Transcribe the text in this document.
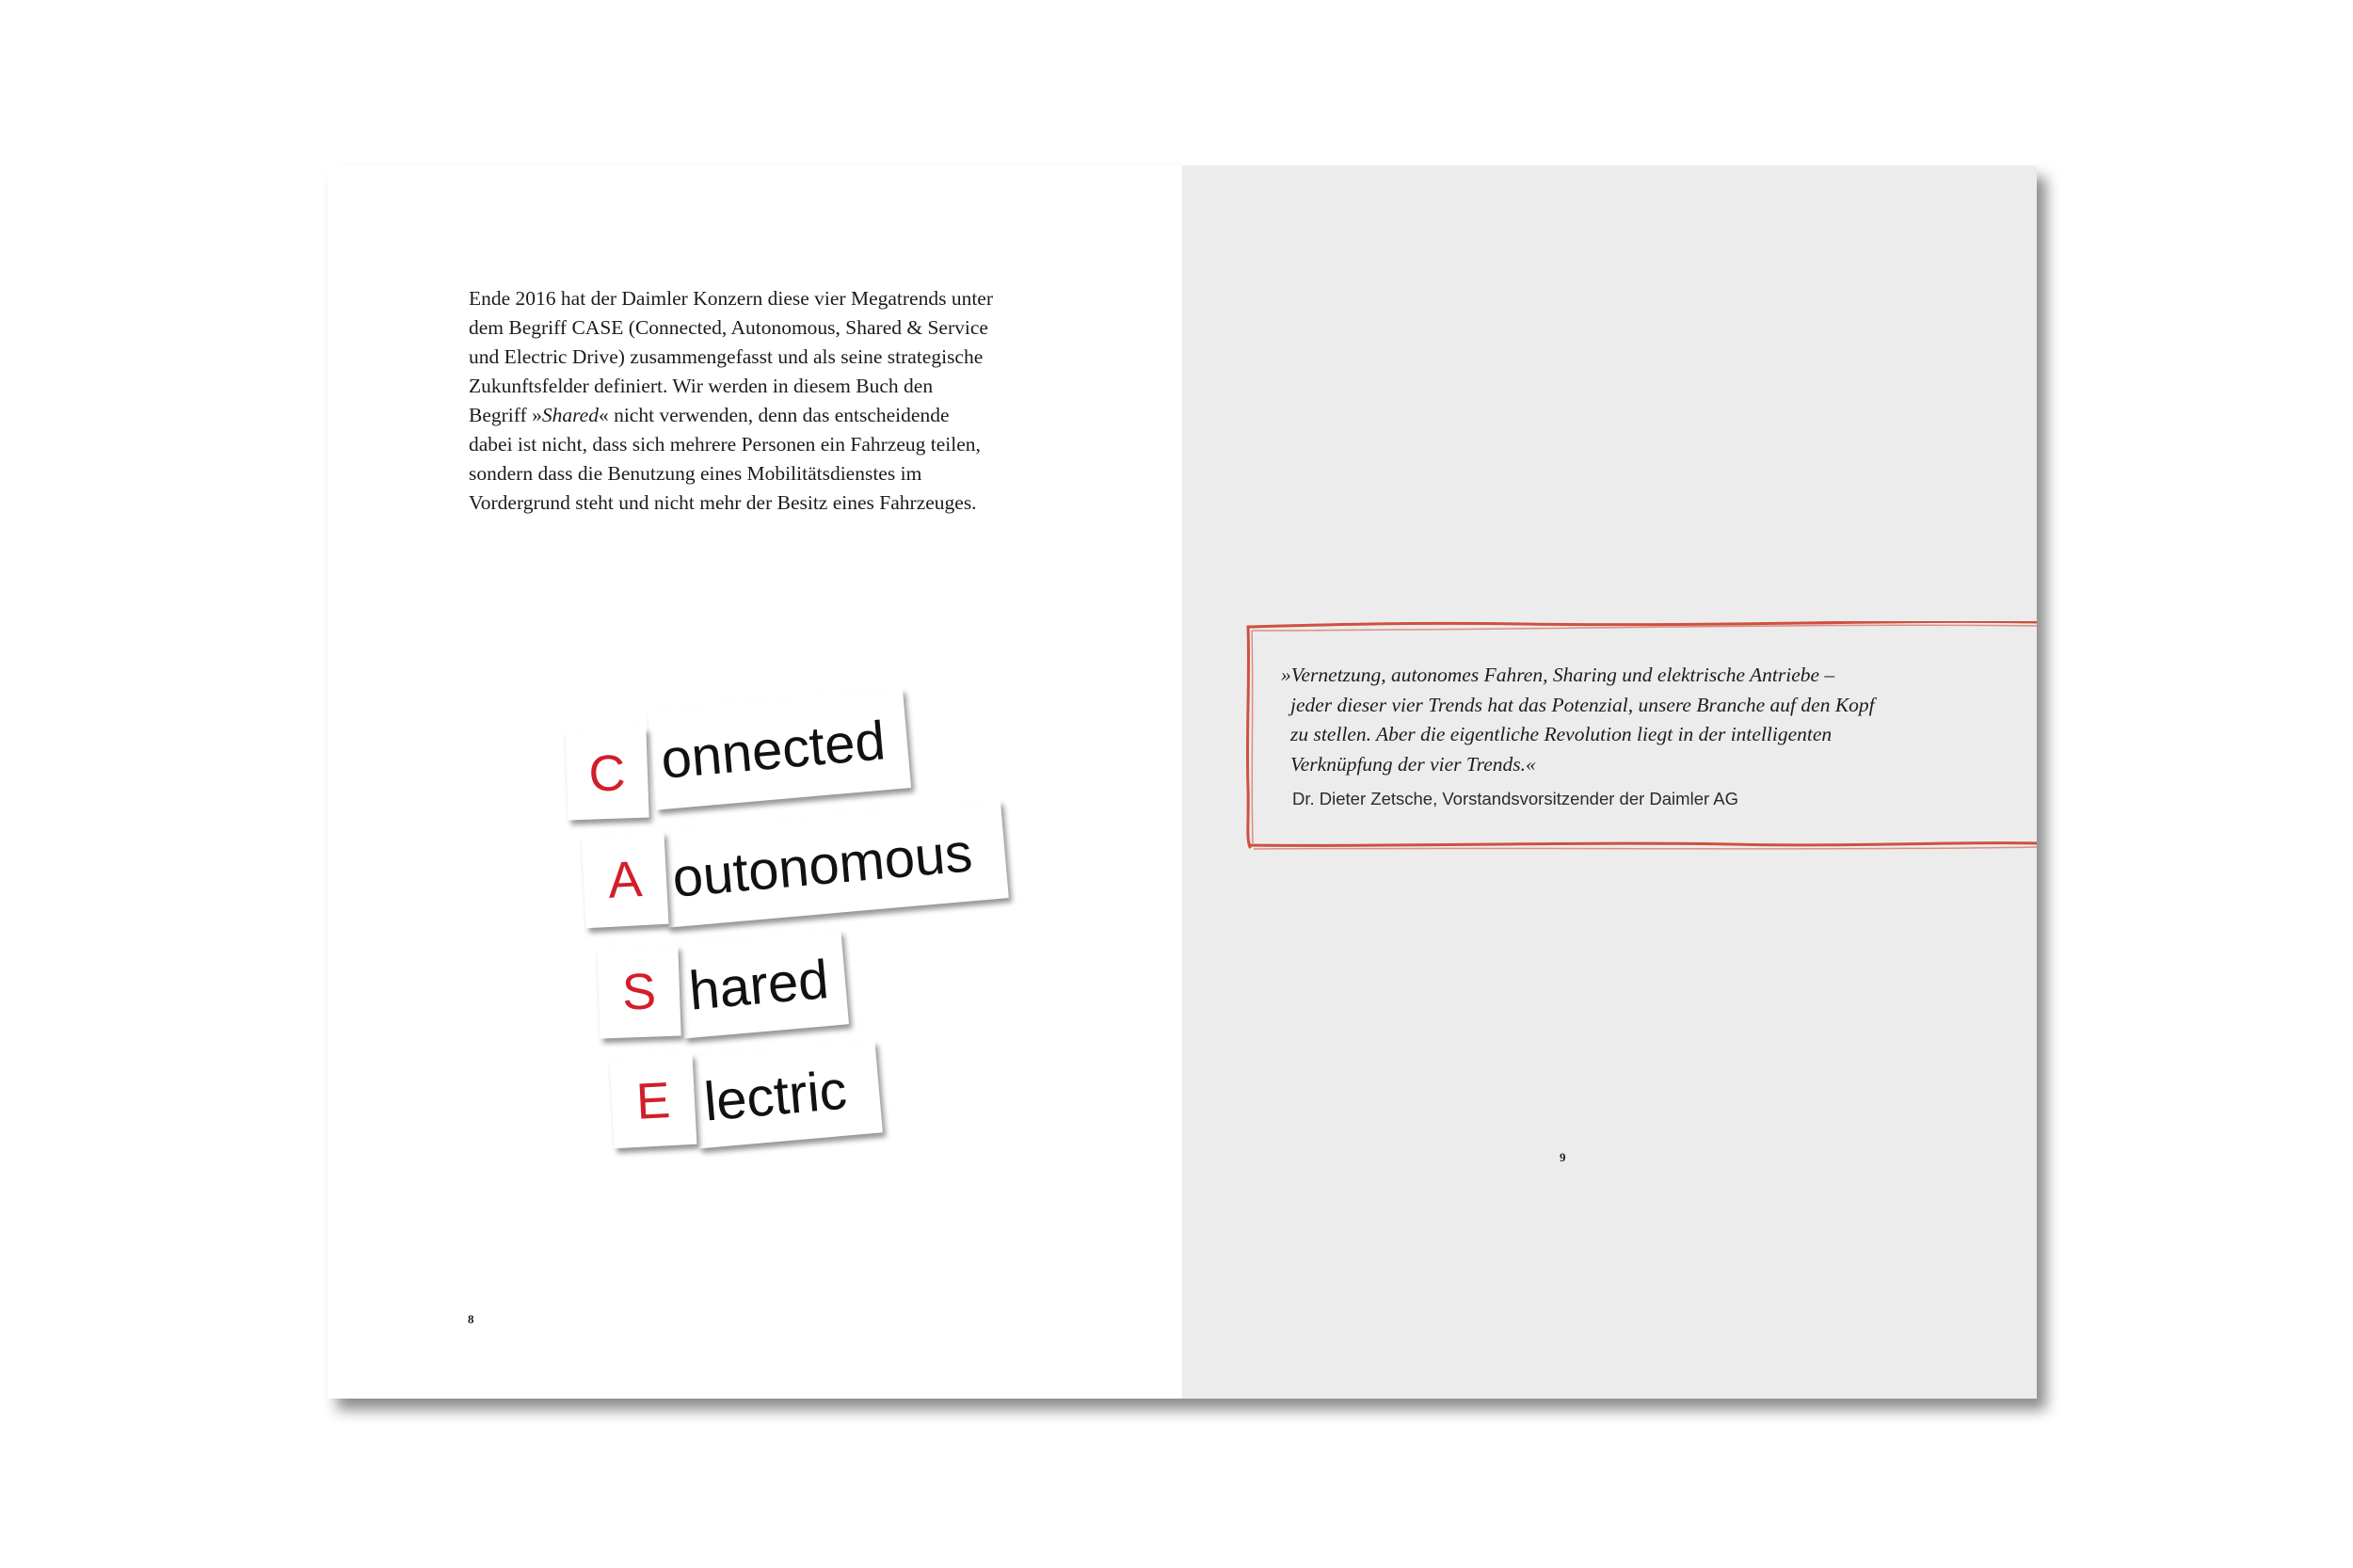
Ende 2016 hat der Daimler Konzern diese vier Megatrends unter

dem Begriff CASE (Connected, Autonomous, Shared & Service

und Electric Drive) zusammengefasst und als seine strategische

Zukunftsfelder definiert. Wir werden in diesem Buch den

Begriff »Shared« nicht verwenden, denn das entscheidende

dabei ist nicht, dass sich mehrere Personen ein Fahrzeug teilen,

sondern dass die Benutzung eines Mobilitätsdienstes im

Vordergrund steht und nicht mehr der Besitz eines Fahrzeuges.

8
onnected
C
outonomous
A
hared
S
lectric
E
»Vernetzung, autonomes Fahren, Sharing und elektrische Antriebe –
jeder dieser vier Trends hat das Potenzial, unsere Branche auf den Kopf
zu stellen. Aber die eigentliche Revolution liegt in der intelligenten
Verknüpfung der vier Trends.«
Dr. Dieter Zetsche, Vorstandsvorsitzender der Daimler AG
9
